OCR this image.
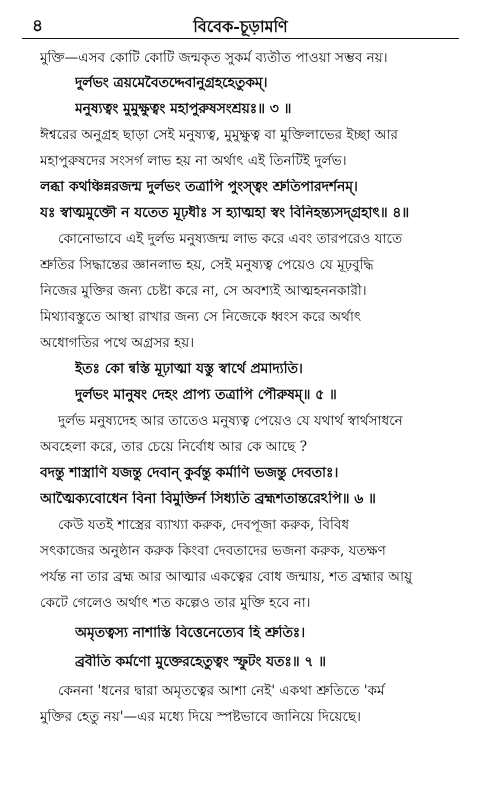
৪	বিবেক-চূড়ামণি
মুক্তি—এসব কোটি কোটি জন্মকৃত সুকর্ম ব্যতীত পাওয়া সম্ভব নয়।
দুর্লভং ত্রয়মেবৈতদ্দেবানুগ্রহহেতুকম্।
মনুষ্যত্বং মুমুক্ষুত্বং মহাপুরুষসংশ্রয়ঃ॥ ৩ ॥
ঈশ্বরের অনুগ্রহ ছাড়া সেই মনুষ্যত্ব, মুমুক্ষুত্ব বা মুক্তিলাভের ইচ্ছা আর
মহাপুরুষদের সংসর্গ লাভ হয় না অর্থাৎ এই তিনটিই দুর্লভ।
লব্ধা কথঞ্চিন্নরজন্ম দুর্লভং তত্রাপি পুংস্ত্বং শ্রুতিপারদর্শনম্।
যঃ স্বাত্মমুক্তৌ ন যতেত মূঢ়ধীঃ স হ্যাত্মহা স্বং বিনিহন্ত্যসদ্গ্রহাৎ॥ ৪॥
কোনোভাবে এই দুর্লভ মনুষ্যজন্ম লাভ করে এবং তারপরেও যাতে
শ্রুতির সিদ্ধান্তের জ্ঞানলাভ হয়, সেই মনুষ্যত্ব পেয়েও যে মূঢ়বুদ্ধি
নিজের মুক্তির জন্য চেষ্টা করে না, সে অবশ্যই আত্মহননকারী।
মিথ্যাবস্তুতে আস্থা রাখার জন্য সে নিজেকে ধ্বংস করে অর্থাৎ
অধোগতির পথে অগ্রসর হয়।
ইতঃ কো ন্বস্তি মূঢ়াত্মা যস্তু স্বার্থে প্রমাদ্যতি।
দুর্লভং মানুষং দেহং প্রাপ্য তত্রাপি পৌরুষম্॥ ৫ ॥
দুর্লভ মনুষ্যদেহ আর তাতেও মনুষ্যত্ব পেয়েও যে যথার্থ স্বার্থসাধনে
অবহেলা করে, তার চেয়ে নির্বোধ আর কে আছে ?
বদন্তু শাস্ত্রাণি যজন্তু দেবান্ কুর্বন্তু কর্মাণি ভজন্তু দেবতাঃ।
আত্মৈক্যবোধেন বিনা বিমুক্তির্ন সিধ্যতি ব্রহ্মশতান্তরেঽপি॥ ৬ ॥
কেউ যতই শাস্ত্রের ব্যাখ্যা করুক, দেবপূজা করুক, বিবিধ
সৎকাজের অনুষ্ঠান করুক কিংবা দেবতাদের ভজনা করুক, যতক্ষণ
পর্যন্ত না তার ব্রহ্ম আর আত্মার একত্বের বোধ জন্মায়, শত ব্রহ্মার আয়ু
কেটে গেলেও অর্থাৎ শত কল্পেও তার মুক্তি হবে না।
অমৃতত্বস্য নাশাস্তি বিত্তেনেত্যেব হি শ্রুতিঃ।
ব্রবীতি কর্মণো মুক্তেরহেতুত্বং স্ফুটং যতঃ॥ ৭ ॥
কেননা 'ধনের দ্বারা অমৃতত্বের আশা নেই' একথা শ্রুতিতে 'কর্ম
মুক্তির হেতু নয়'—এর মধ্যে দিয়ে স্পষ্টভাবে জানিয়ে দিয়েছে।
